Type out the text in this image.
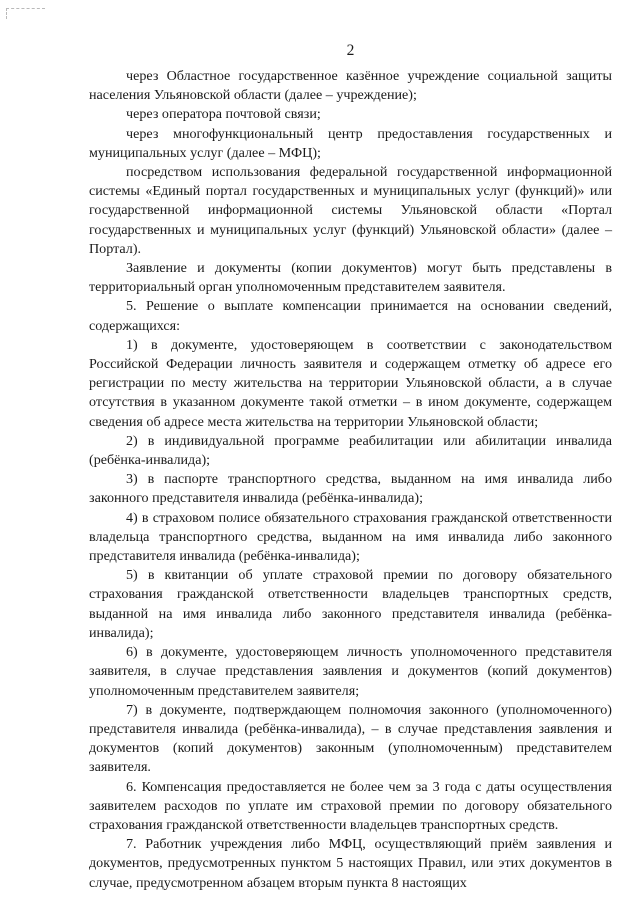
2

через Областное государственное казённое учреждение социальной защиты населения Ульяновской области (далее – учреждение);

через оператора почтовой связи;

через многофункциональный центр предоставления государственных и муниципальных услуг (далее – МФЦ);

посредством использования федеральной государственной информационной системы «Единый портал государственных и муниципальных услуг (функций)» или государственной информационной системы Ульяновской области «Портал государственных и муниципальных услуг (функций) Ульяновской области» (далее – Портал).

Заявление и документы (копии документов) могут быть представлены в территориальный орган уполномоченным представителем заявителя.

5. Решение о выплате компенсации принимается на основании сведений, содержащихся:

1) в документе, удостоверяющем в соответствии с законодательством Российской Федерации личность заявителя и содержащем отметку об адресе его регистрации по месту жительства на территории Ульяновской области, а в случае отсутствия в указанном документе такой отметки – в ином документе, содержащем сведения об адресе места жительства на территории Ульяновской области;

2) в индивидуальной программе реабилитации или абилитации инвалида (ребёнка-инвалида);

3) в паспорте транспортного средства, выданном на имя инвалида либо законного представителя инвалида (ребёнка-инвалида);

4) в страховом полисе обязательного страхования гражданской ответственности владельца транспортного средства, выданном на имя инвалида либо законного представителя инвалида (ребёнка-инвалида);

5) в квитанции об уплате страховой премии по договору обязательного страхования гражданской ответственности владельцев транспортных средств, выданной на имя инвалида либо законного представителя инвалида (ребёнка-инвалида);

6) в документе, удостоверяющем личность уполномоченного представителя заявителя, в случае представления заявления и документов (копий документов) уполномоченным представителем заявителя;

7) в документе, подтверждающем полномочия законного (уполномоченного) представителя инвалида (ребёнка-инвалида), – в случае представления заявления и документов (копий документов) законным (уполномоченным) представителем заявителя.

6. Компенсация предоставляется не более чем за 3 года с даты осуществления заявителем расходов по уплате им страховой премии по договору обязательного страхования гражданской ответственности владельцев транспортных средств.

7. Работник учреждения либо МФЦ, осуществляющий приём заявления и документов, предусмотренных пунктом 5 настоящих Правил, или этих документов в случае, предусмотренном абзацем вторым пункта 8 настоящих
